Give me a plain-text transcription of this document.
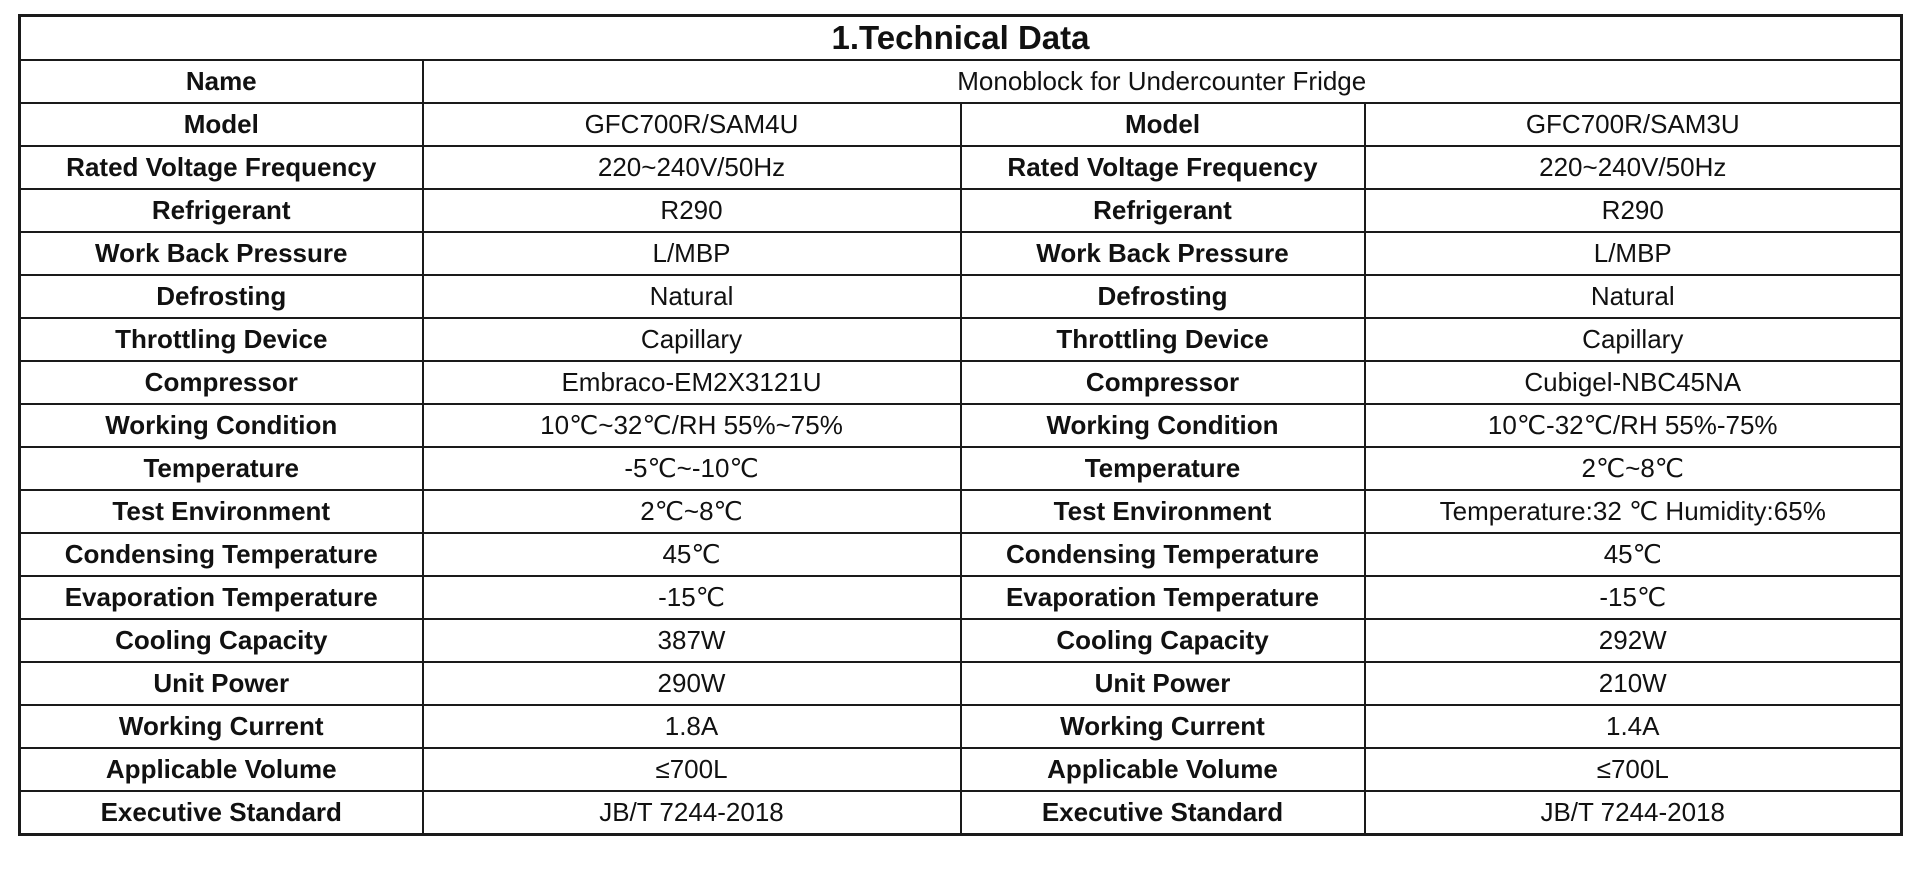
1.Technical Data			
Name	Monoblock for Undercounter Fridge		
Model	GFC700R/SAM4U	Model	GFC700R/SAM3U
Rated Voltage Frequency	220~240V/50Hz	Rated Voltage Frequency	220~240V/50Hz
Refrigerant	R290	Refrigerant	R290
Work Back Pressure	L/MBP	Work Back Pressure	L/MBP
Defrosting	Natural	Defrosting	Natural
Throttling Device	Capillary	Throttling Device	Capillary
Compressor	Embraco-EM2X3121U	Compressor	Cubigel-NBC45NA
Working Condition	10℃~32℃/RH 55%~75%	Working Condition	10℃-32℃/RH 55%-75%
Temperature	-5℃~-10℃	Temperature	2℃~8℃
Test Environment	2℃~8℃	Test Environment	Temperature:32 ℃ Humidity:65%
Condensing Temperature	45℃	Condensing Temperature	45℃
Evaporation Temperature	-15℃	Evaporation Temperature	-15℃
Cooling Capacity	387W	Cooling Capacity	292W
Unit Power	290W	Unit Power	210W
Working Current	1.8A	Working Current	1.4A
Applicable Volume	≤700L	Applicable Volume	≤700L
Executive Standard	JB/T 7244-2018	Executive Standard	JB/T 7244-2018
